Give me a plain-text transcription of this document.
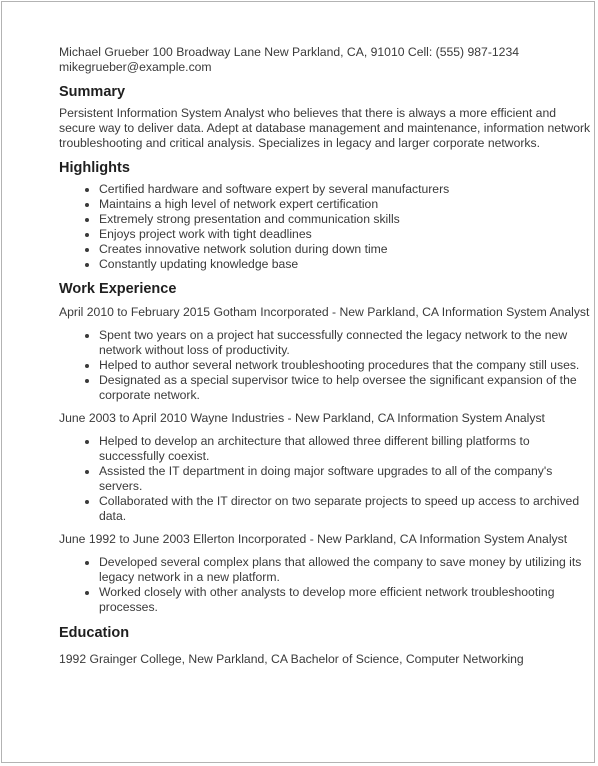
Michael Grueber 100 Broadway Lane New Parkland, CA, 91010 Cell: (555) 987-1234
mikegrueber@example.com

Summary

Persistent Information System Analyst who believes that there is always a more efficient and secure way to deliver data. Adept at database management and maintenance, information network troubleshooting and critical analysis. Specializes in legacy and larger corporate networks.

Highlights
• Certified hardware and software expert by several manufacturers
• Maintains a high level of network expert certification
• Extremely strong presentation and communication skills
• Enjoys project work with tight deadlines
• Creates innovative network solution during down time
• Constantly updating knowledge base
Work Experience

April 2010 to February 2015 Gotham Incorporated - New Parkland, CA Information System Analyst

• Spent two years on a project hat successfully connected the legacy network to the new network without loss of productivity.
• Helped to author several network troubleshooting procedures that the company still uses.
• Designated as a special supervisor twice to help oversee the significant expansion of the corporate network.

June 2003 to April 2010 Wayne Industries - New Parkland, CA Information System Analyst

• Helped to develop an architecture that allowed three different billing platforms to successfully coexist.
• Assisted the IT department in doing major software upgrades to all of the company's servers.
• Collaborated with the IT director on two separate projects to speed up access to archived data.

June 1992 to June 2003 Ellerton Incorporated - New Parkland, CA Information System Analyst

• Developed several complex plans that allowed the company to save money by utilizing its legacy network in a new platform.
• Worked closely with other analysts to develop more efficient network troubleshooting processes.
Education

1992 Grainger College, New Parkland, CA Bachelor of Science, Computer Networking
